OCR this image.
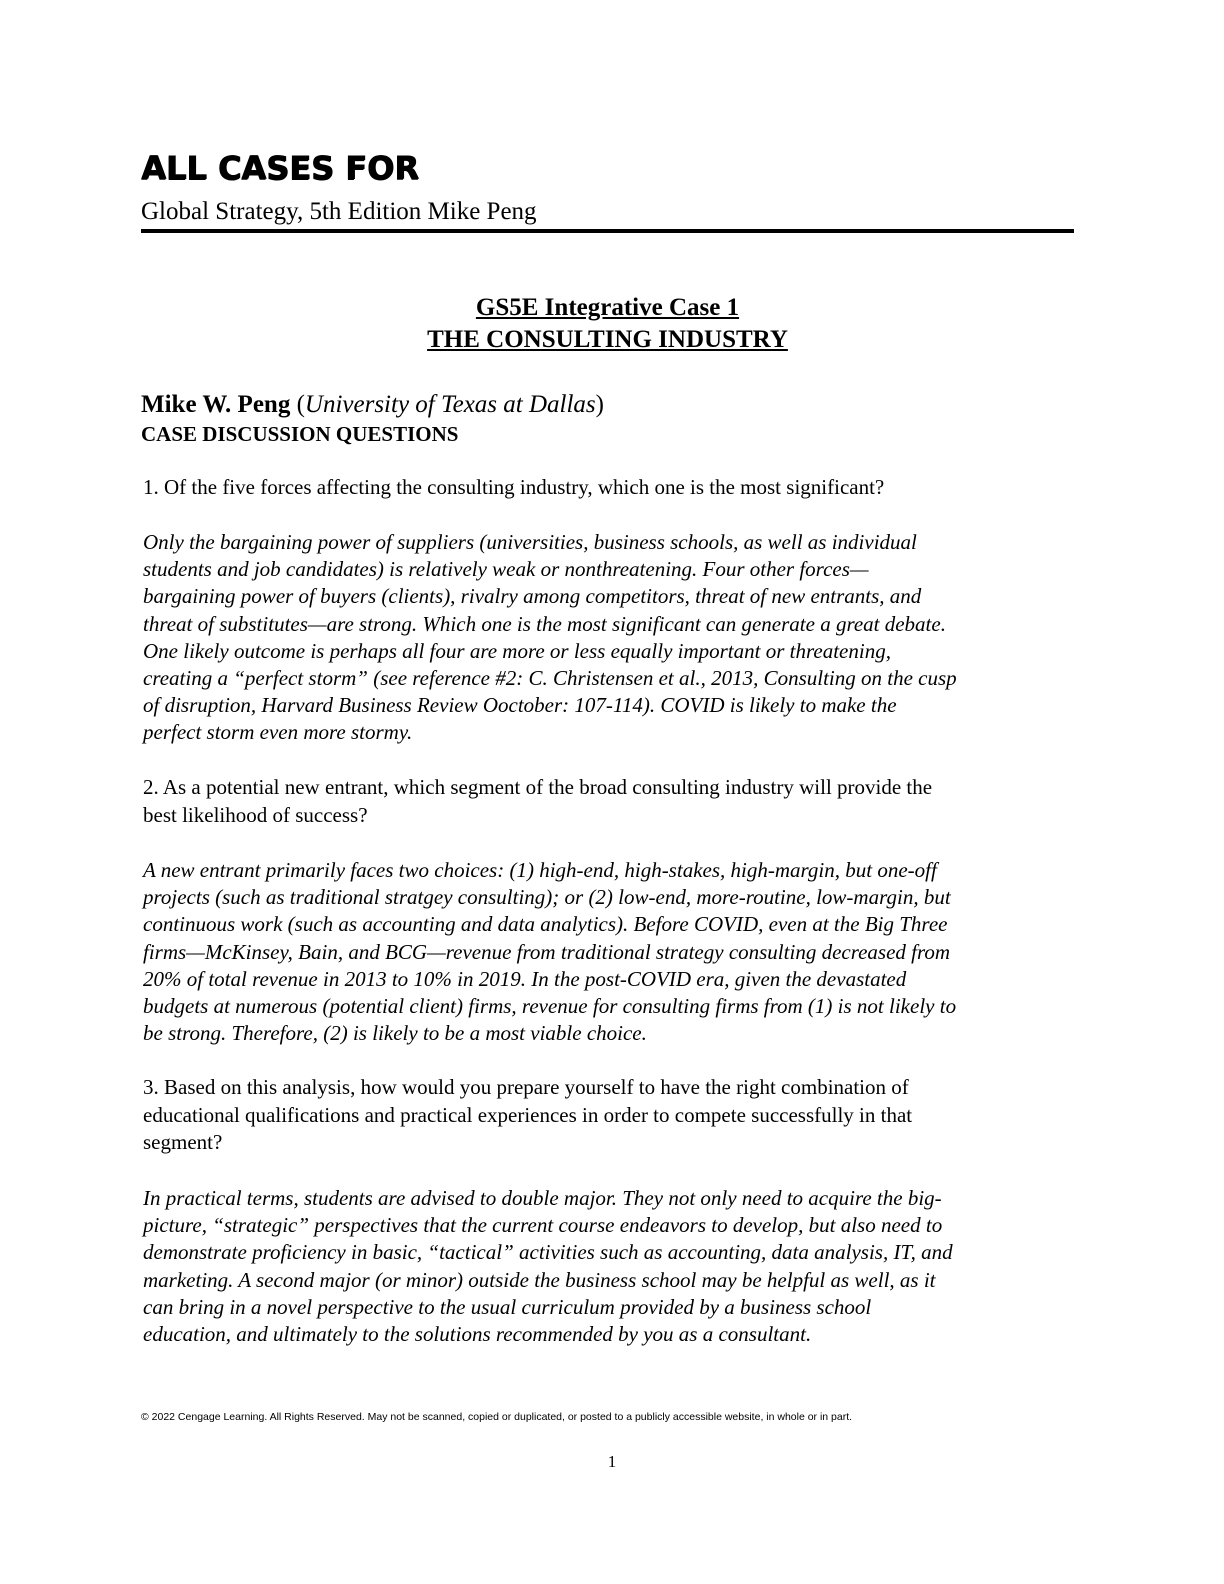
ALL CASES FOR
Global Strategy, 5th Edition Mike Peng
GS5E Integrative Case 1
THE CONSULTING INDUSTRY
Mike W. Peng (University of Texas at Dallas)
CASE DISCUSSION QUESTIONS
1. Of the five forces affecting the consulting industry, which one is the most significant?
Only the bargaining power of suppliers (universities, business schools, as well as individual
students and job candidates) is relatively weak or nonthreatening. Four other forces—
bargaining power of buyers (clients), rivalry among competitors, threat of new entrants, and
threat of substitutes—are strong. Which one is the most significant can generate a great debate.
One likely outcome is perhaps all four are more or less equally important or threatening,
creating a “perfect storm” (see reference #2: C. Christensen et al., 2013, Consulting on the cusp
of disruption, Harvard Business Review Ooctober: 107-114). COVID is likely to make the
perfect storm even more stormy.
2. As a potential new entrant, which segment of the broad consulting industry will provide the
best likelihood of success?
A new entrant primarily faces two choices: (1) high-end, high-stakes, high-margin, but one-off
projects (such as traditional stratgey consulting); or (2) low-end, more-routine, low-margin, but
continuous work (such as accounting and data analytics). Before COVID, even at the Big Three
firms—McKinsey, Bain, and BCG—revenue from traditional strategy consulting decreased from
20% of total revenue in 2013 to 10% in 2019. In the post-COVID era, given the devastated
budgets at numerous (potential client) firms, revenue for consulting firms from (1) is not likely to
be strong. Therefore, (2) is likely to be a most viable choice.
3. Based on this analysis, how would you prepare yourself to have the right combination of
educational qualifications and practical experiences in order to compete successfully in that
segment?
In practical terms, students are advised to double major. They not only need to acquire the big-
picture, “strategic” perspectives that the current course endeavors to develop, but also need to
demonstrate proficiency in basic, “tactical” activities such as accounting, data analysis, IT, and
marketing. A second major (or minor) outside the business school may be helpful as well, as it
can bring in a novel perspective to the usual curriculum provided by a business school
education, and ultimately to the solutions recommended by you as a consultant.
© 2022 Cengage Learning. All Rights Reserved. May not be scanned, copied or duplicated, or posted to a publicly accessible website, in whole or in part.
1
